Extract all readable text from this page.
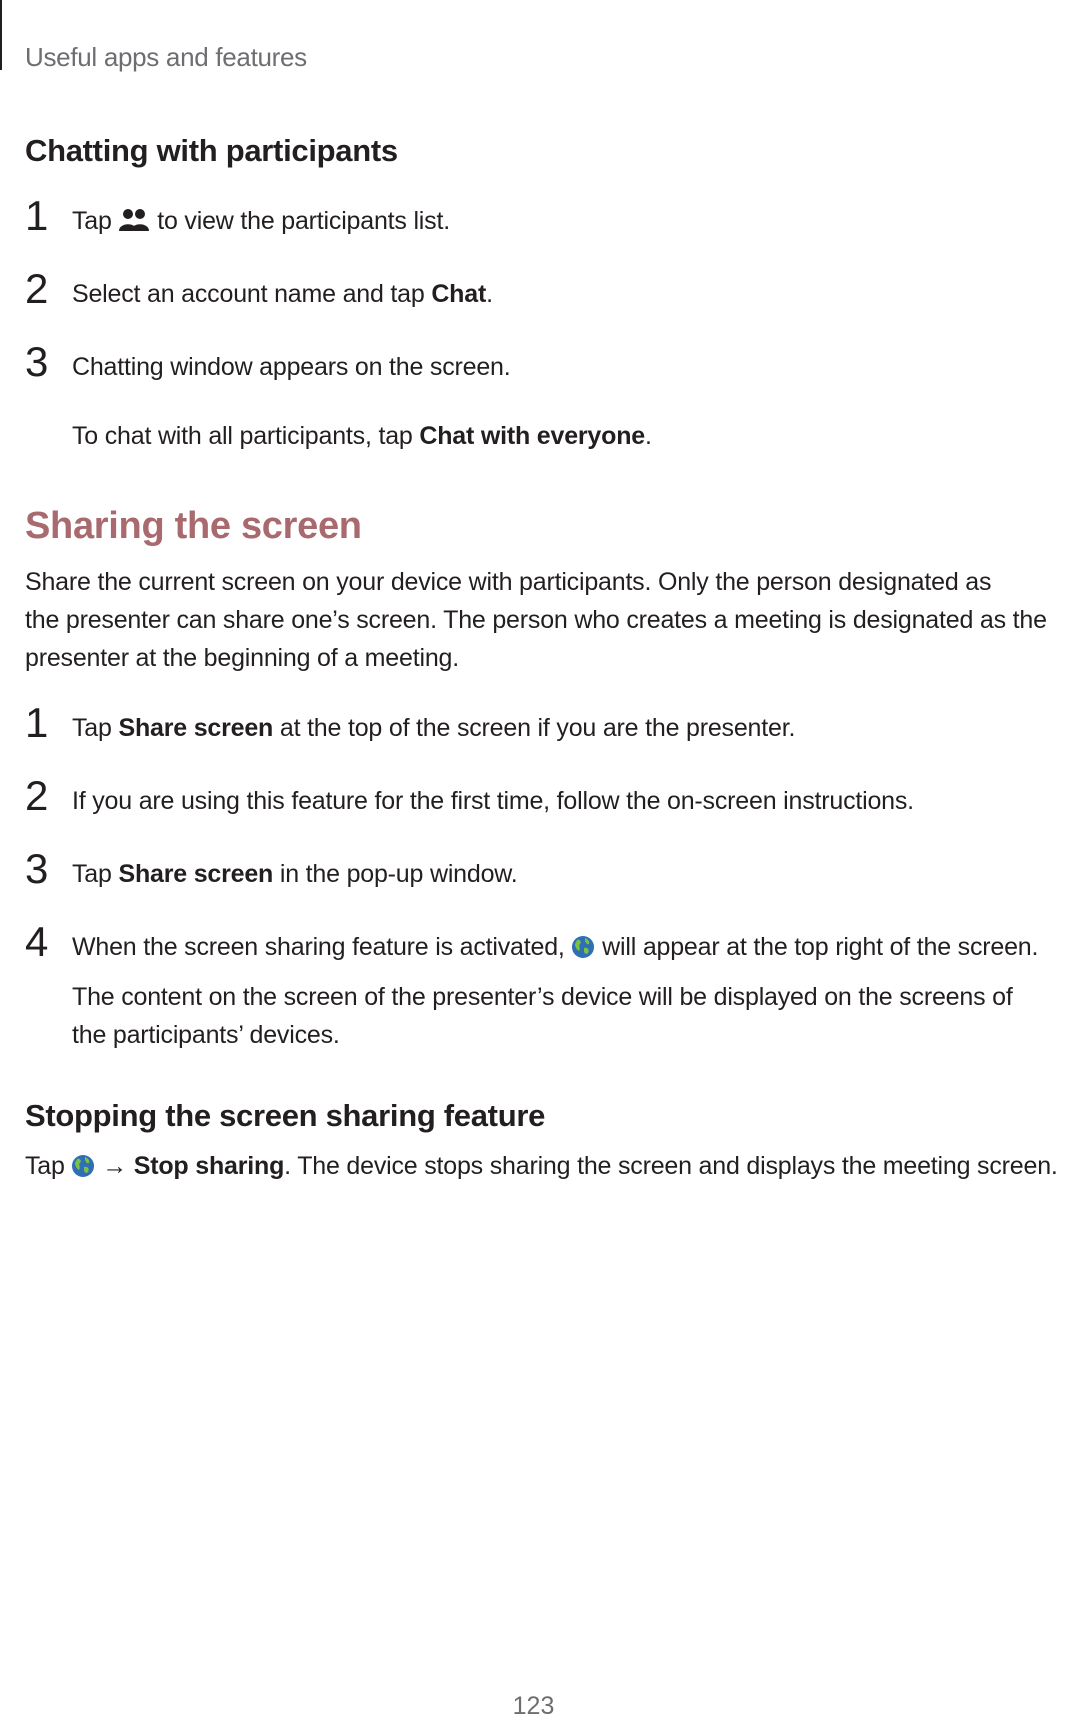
Useful apps and features
Chatting with participants
1 Tap  to view the participants list.
2 Select an account name and tap Chat.
3 Chatting window appears on the screen.
To chat with all participants, tap Chat with everyone.
Sharing the screen
Share the current screen on your device with participants. Only the person designated as
the presenter can share one’s screen. The person who creates a meeting is designated as the
presenter at the beginning of a meeting.
1 Tap Share screen at the top of the screen if you are the presenter.
2 If you are using this feature for the first time, follow the on-screen instructions.
3 Tap Share screen in the pop-up window.
4 When the screen sharing feature is activated,  will appear at the top right of the screen.
The content on the screen of the presenter’s device will be displayed on the screens of
the participants’ devices.
Stopping the screen sharing feature
Tap  → Stop sharing. The device stops sharing the screen and displays the meeting screen.
123
